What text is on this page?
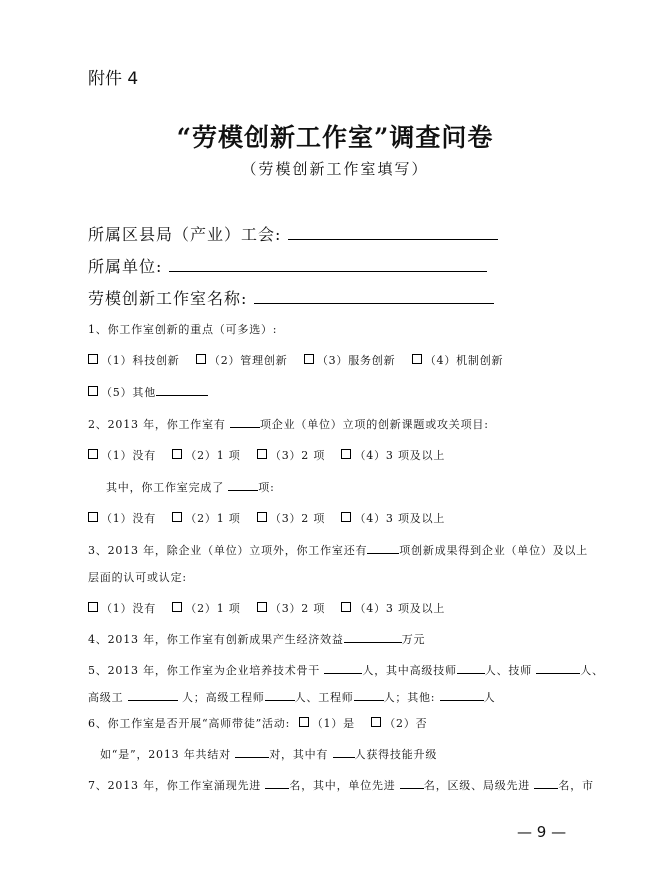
附件 4
“劳模创新工作室”调查问卷
（劳模创新工作室填写）
所属区县局（产业）工会:
所属单位:
劳模创新工作室名称:
1、你工作室创新的重点（可多选）:
（1）科技创新	（2）管理创新	（3）服务创新	（4）机制创新
（5）其他
2、2013 年，你工作室有	项企业（单位）立项的创新课题或攻关项目:
（1）没有	（2）1 项	（3）2 项	（4）3 项及以上
其中，你工作室完成了	项:
（1）没有	（2）1 项	（3）2 项	（4）3 项及以上
3、2013 年，除企业（单位）立项外，你工作室还有	项创新成果得到企业（单位）及以上
层面的认可或认定:
（1）没有	（2）1 项	（3）2 项	（4）3 项及以上
4、2013 年，你工作室有创新成果产生经济效益	万元
5、2013 年，你工作室为企业培养技术骨干	人，其中高级技师	人、技师	人、
高级工	人；高级工程师	人、工程师	人；其他:	人
6、你工作室是否开展“高师带徒”活动: （1）是	（2）否
如“是”，2013 年共结对	对，其中有 人获得技能升级
7、2013 年，你工作室涌现先进	名，其中，单位先进	名，区级、局级先进	名，市
— 9 —
